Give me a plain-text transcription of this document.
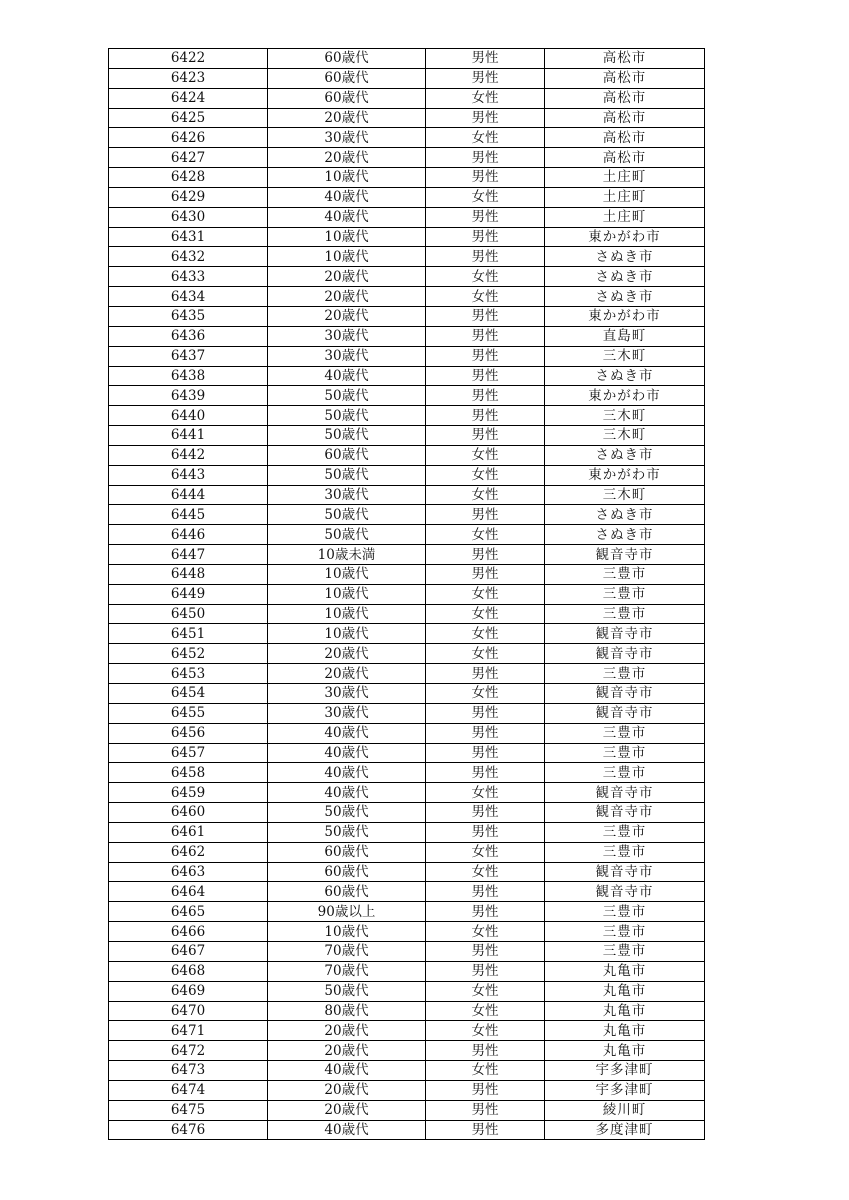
6422	60歳代	男性	高松市
6423	60歳代	男性	高松市
6424	60歳代	女性	高松市
6425	20歳代	男性	高松市
6426	30歳代	女性	高松市
6427	20歳代	男性	高松市
6428	10歳代	男性	土庄町
6429	40歳代	女性	土庄町
6430	40歳代	男性	土庄町
6431	10歳代	男性	東かがわ市
6432	10歳代	男性	さぬき市
6433	20歳代	女性	さぬき市
6434	20歳代	女性	さぬき市
6435	20歳代	男性	東かがわ市
6436	30歳代	男性	直島町
6437	30歳代	男性	三木町
6438	40歳代	男性	さぬき市
6439	50歳代	男性	東かがわ市
6440	50歳代	男性	三木町
6441	50歳代	男性	三木町
6442	60歳代	女性	さぬき市
6443	50歳代	女性	東かがわ市
6444	30歳代	女性	三木町
6445	50歳代	男性	さぬき市
6446	50歳代	女性	さぬき市
6447	10歳未満	男性	観音寺市
6448	10歳代	男性	三豊市
6449	10歳代	女性	三豊市
6450	10歳代	女性	三豊市
6451	10歳代	女性	観音寺市
6452	20歳代	女性	観音寺市
6453	20歳代	男性	三豊市
6454	30歳代	女性	観音寺市
6455	30歳代	男性	観音寺市
6456	40歳代	男性	三豊市
6457	40歳代	男性	三豊市
6458	40歳代	男性	三豊市
6459	40歳代	女性	観音寺市
6460	50歳代	男性	観音寺市
6461	50歳代	男性	三豊市
6462	60歳代	女性	三豊市
6463	60歳代	女性	観音寺市
6464	60歳代	男性	観音寺市
6465	90歳以上	男性	三豊市
6466	10歳代	女性	三豊市
6467	70歳代	男性	三豊市
6468	70歳代	男性	丸亀市
6469	50歳代	女性	丸亀市
6470	80歳代	女性	丸亀市
6471	20歳代	女性	丸亀市
6472	20歳代	男性	丸亀市
6473	40歳代	女性	宇多津町
6474	20歳代	男性	宇多津町
6475	20歳代	男性	綾川町
6476	40歳代	男性	多度津町
